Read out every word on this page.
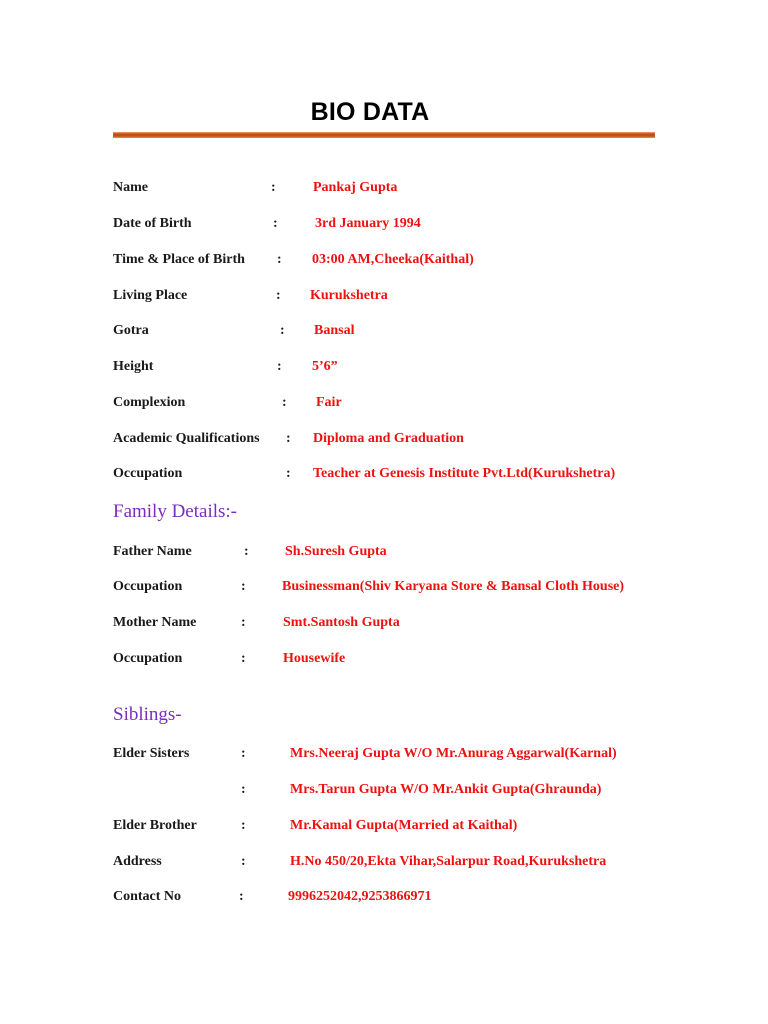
BIO DATA
Name	:	Pankaj Gupta
Date of Birth	:	3rd January 1994
Time & Place of Birth : 03:00 AM,Cheeka(Kaithal)
Living Place	: Kurukshetra
Gotra	: Bansal
Height	: 5’6”
Complexion	: Fair
Academic Qualifications : Diploma and Graduation
Occupation	: Teacher at Genesis Institute Pvt.Ltd(Kurukshetra)
Family Details:-
Father Name	:	Sh.Suresh Gupta
Occupation	:	Businessman(Shiv Karyana Store & Bansal Cloth House)
Mother Name	:	Smt.Santosh Gupta
Occupation	:	Housewife
Siblings-
Elder Sisters	:	Mrs.Neeraj Gupta W/O Mr.Anurag Aggarwal(Karnal)
:	Mrs.Tarun Gupta W/O Mr.Ankit Gupta(Ghraunda)
Elder Brother	:	Mr.Kamal Gupta(Married at Kaithal)
Address	:	H.No 450/20,Ekta Vihar,Salarpur Road,Kurukshetra
Contact No	:	9996252042,9253866971
